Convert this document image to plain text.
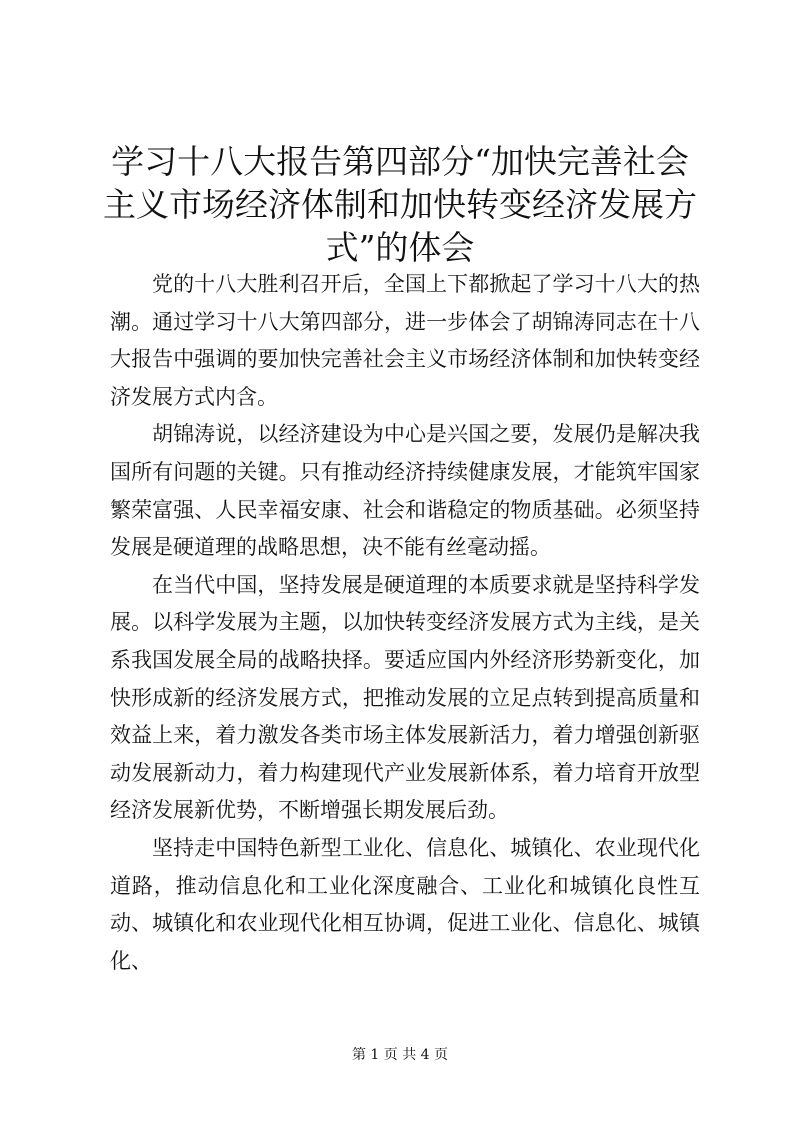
学习十八大报告第四部分“加快完善社会主义市场经济体制和加快转变经济发展方式”的体会

党的十八大胜利召开后，全国上下都掀起了学习十八大的热潮。通过学习十八大第四部分，进一步体会了胡锦涛同志在十八大报告中强调的要加快完善社会主义市场经济体制和加快转变经济发展方式内含。

胡锦涛说，以经济建设为中心是兴国之要，发展仍是解决我国所有问题的关键。只有推动经济持续健康发展，才能筑牢国家繁荣富强、人民幸福安康、社会和谐稳定的物质基础。必须坚持发展是硬道理的战略思想，决不能有丝毫动摇。

在当代中国，坚持发展是硬道理的本质要求就是坚持科学发展。以科学发展为主题，以加快转变经济发展方式为主线，是关系我国发展全局的战略抉择。要适应国内外经济形势新变化，加快形成新的经济发展方式，把推动发展的立足点转到提高质量和效益上来，着力激发各类市场主体发展新活力，着力增强创新驱动发展新动力，着力构建现代产业发展新体系，着力培育开放型经济发展新优势，不断增强长期发展后劲。

坚持走中国特色新型工业化、信息化、城镇化、农业现代化道路，推动信息化和工业化深度融合、工业化和城镇化良性互动、城镇化和农业现代化相互协调，促进工业化、信息化、城镇化、

第 1 页 共 4 页
